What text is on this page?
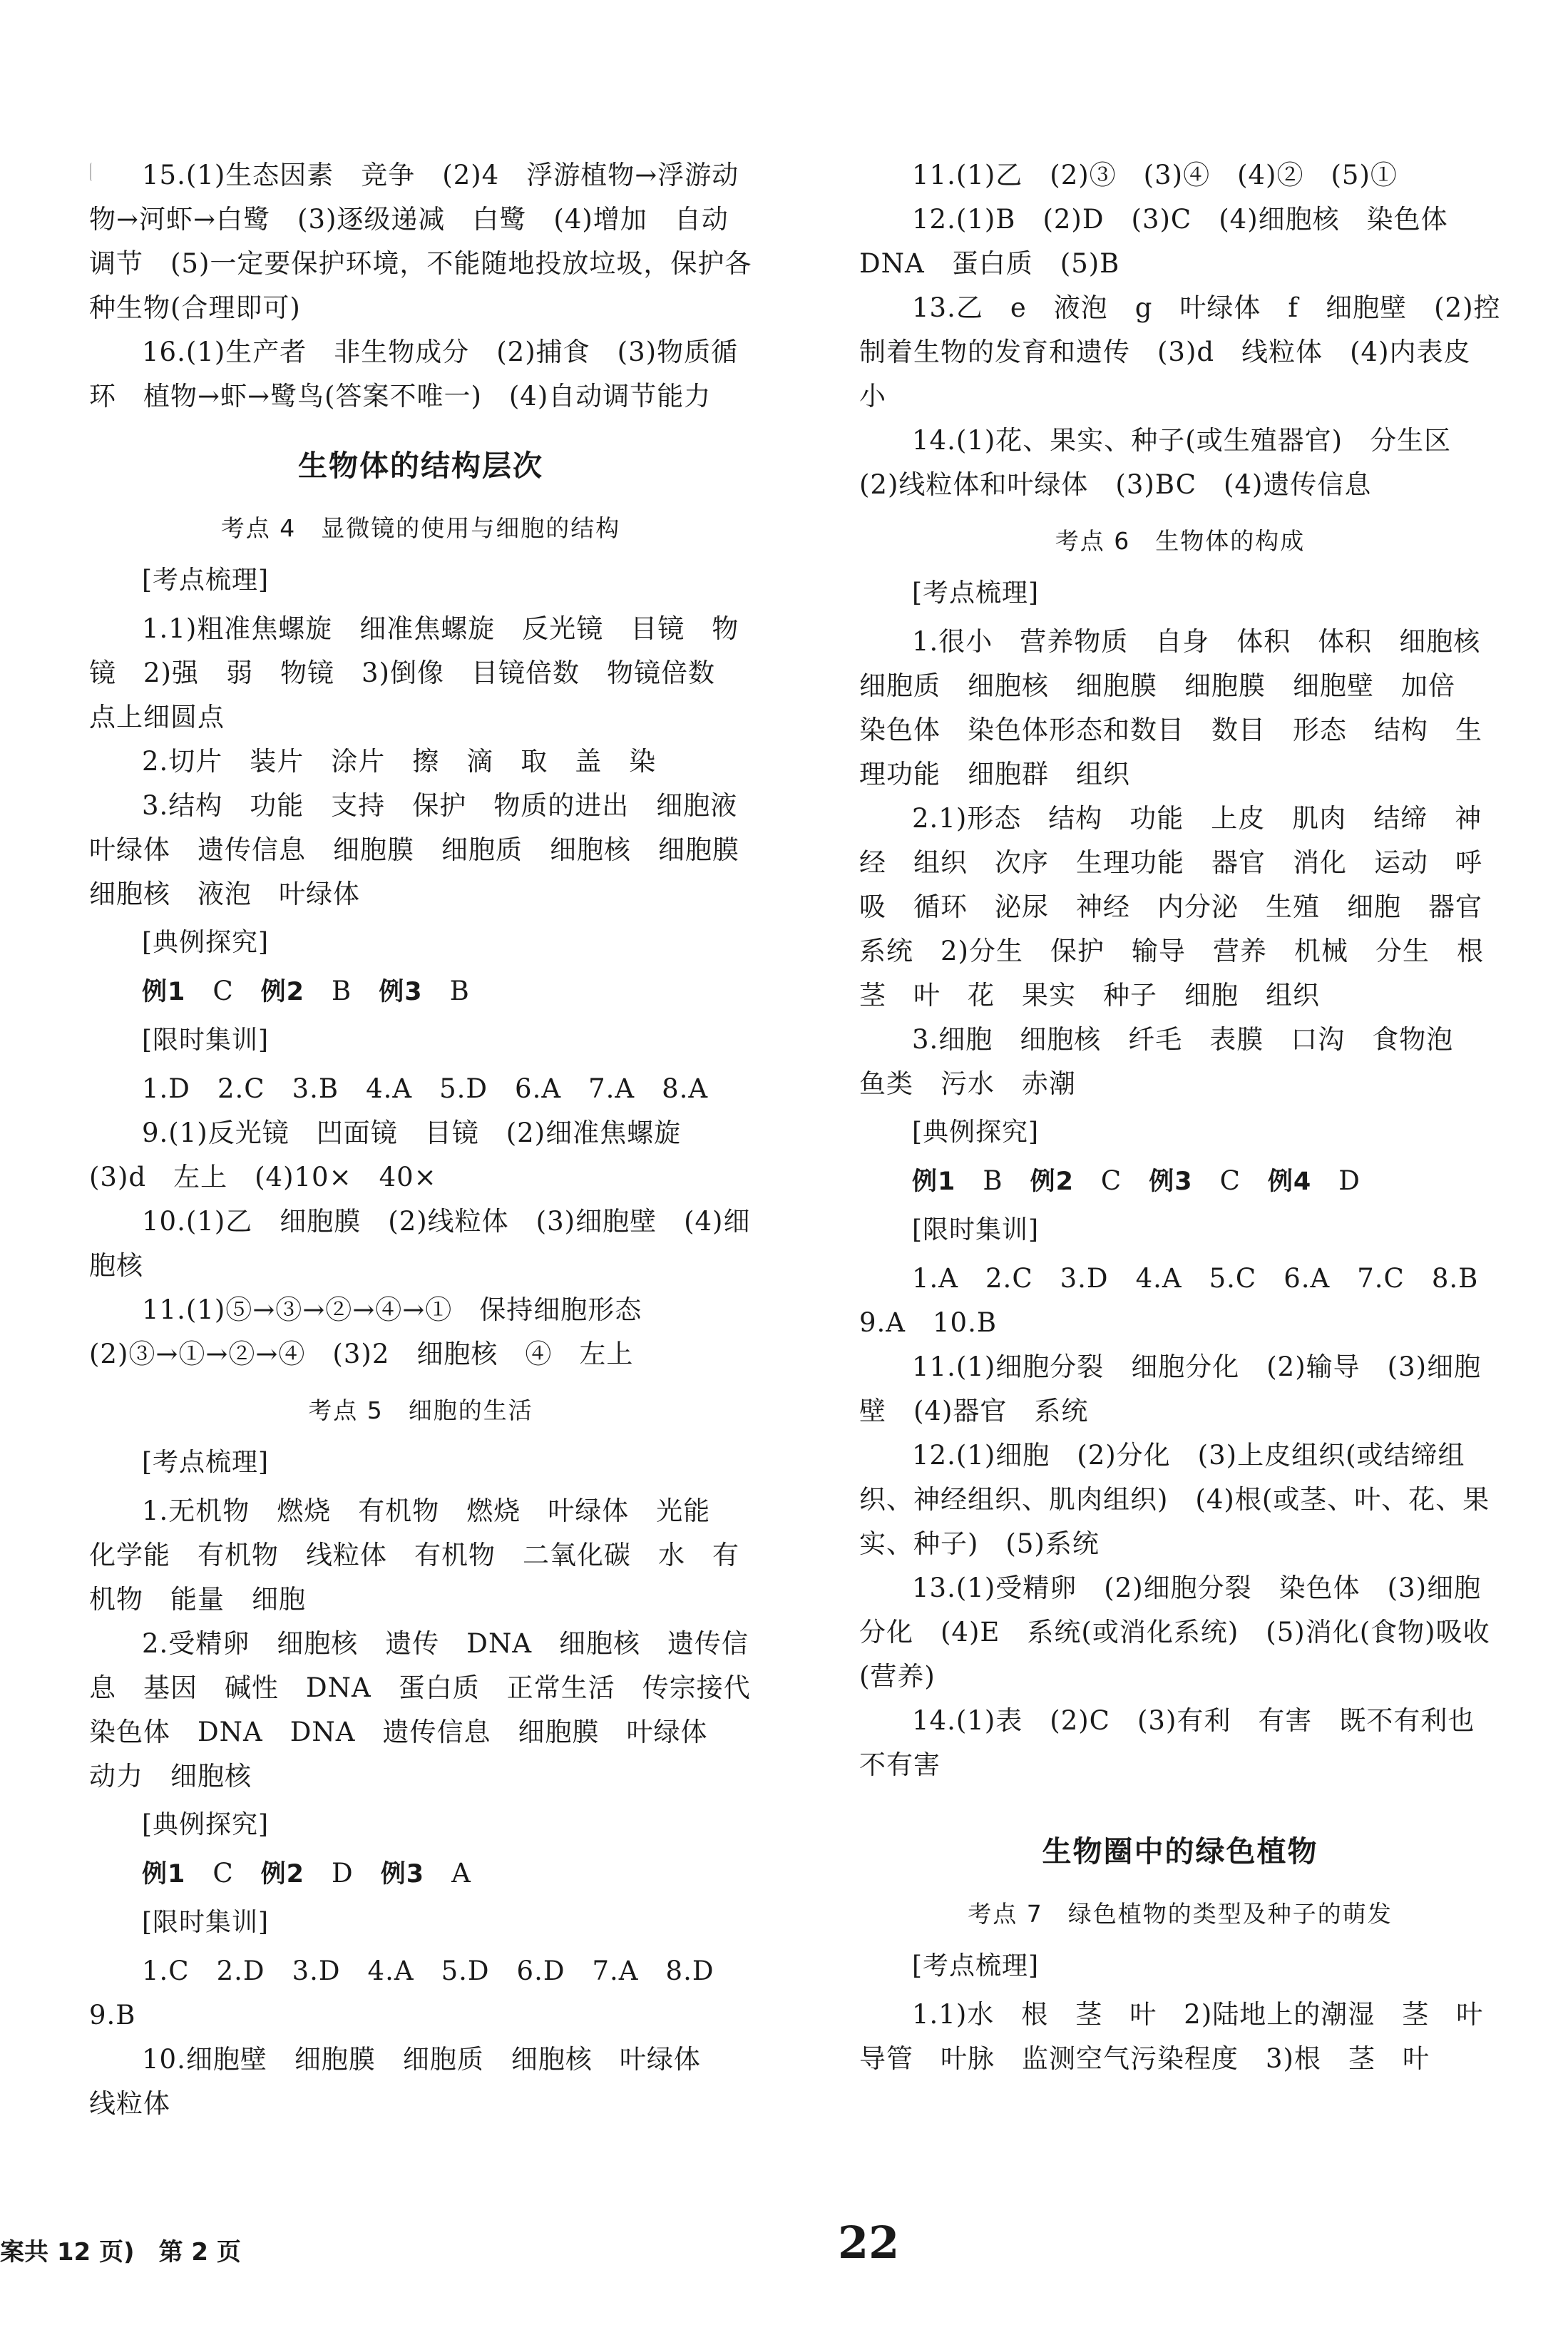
15.(1)生态因素　竞争　(2)4　浮游植物→浮游动物→河虾→白鹭　(3)逐级递减　白鹭　(4)增加　自动调节　(5)一定要保护环境，不能随地投放垃圾，保护各种生物(合理即可)

16.(1)生产者　非生物成分　(2)捕食　(3)物质循环　植物→虾→鹭鸟(答案不唯一)　(4)自动调节能力

生物体的结构层次
考点 4　显微镜的使用与细胞的结构
[考点梳理]

1.1)粗准焦螺旋　细准焦螺旋　反光镜　目镜　物镜　2)强　弱　物镜　3)倒像　目镜倍数　物镜倍数　点上细圆点

2.切片　装片　涂片　擦　滴　取　盖　染

3.结构　功能　支持　保护　物质的进出　细胞液　叶绿体　遗传信息　细胞膜　细胞质　细胞核　细胞膜　细胞核　液泡　叶绿体

[典例探究]
例1　 C　 例2　 B　 例3　 B
[限时集训]

1.D　2.C　3.B　4.A　5.D　6.A　7.A　8.A

9.(1)反光镜　凹面镜　目镜　(2)细准焦螺旋　(3)d　左上　(4)10×　40×

10.(1)乙　细胞膜　(2)线粒体　(3)细胞壁　(4)细胞核

11.(1)⑤→③→②→④→①　保持细胞形态　(2)③→①→②→④　(3)2　细胞核　④　左上

考点 5　细胞的生活
[考点梳理]

1.无机物　燃烧　有机物　燃烧　叶绿体　光能　化学能　有机物　线粒体　有机物　二氧化碳　水　有机物　能量　细胞

2.受精卵　细胞核　遗传　DNA　细胞核　遗传信息　基因　碱性　DNA　蛋白质　正常生活　传宗接代　染色体　DNA　DNA　遗传信息　细胞膜　叶绿体　动力　细胞核

[典例探究]
例1　 C　 例2　 D　 例3　 A
[限时集训]

1.C　2.D　3.D　4.A　5.D　6.D　7.A　8.D　9.B

10.细胞壁　细胞膜　细胞质　细胞核　叶绿体　线粒体

11.(1)乙　(2)③　(3)④　(4)②　(5)①

12.(1)B　(2)D　(3)C　(4)细胞核　染色体　DNA　蛋白质　(5)B

13.乙　e　液泡　g　叶绿体　f　细胞壁　(2)控制着生物的发育和遗传　(3)d　线粒体　(4)内表皮　小

14.(1)花、果实、种子(或生殖器官)　分生区　(2)线粒体和叶绿体　(3)BC　(4)遗传信息

考点 6　生物体的构成
[考点梳理]

1.很小　营养物质　自身　体积　体积　细胞核　细胞质　细胞核　细胞膜　细胞膜　细胞壁　加倍　染色体　染色体形态和数目　数目　形态　结构　生理功能　细胞群　组织

2.1)形态　结构　功能　上皮　肌肉　结缔　神经　组织　次序　生理功能　器官　消化　运动　呼吸　循环　泌尿　神经　内分泌　生殖　细胞　器官　系统　2)分生　保护　输导　营养　机械　分生　根　茎　叶　花　果实　种子　细胞　组织

3.细胞　细胞核　纤毛　表膜　口沟　食物泡　鱼类　污水　赤潮

[典例探究]
例1　 B　 例2　 C　 例3　 C　 例4　 D
[限时集训]

1.A　2.C　3.D　4.A　5.C　6.A　7.C　8.B　9.A　10.B

11.(1)细胞分裂　细胞分化　(2)输导　(3)细胞壁　(4)器官　系统

12.(1)细胞　(2)分化　(3)上皮组织(或结缔组织、神经组织、肌肉组织)　(4)根(或茎、叶、花、果实、种子)　(5)系统

13.(1)受精卵　(2)细胞分裂　染色体　(3)细胞分化　(4)E　系统(或消化系统)　(5)消化(食物)吸收(营养)

14.(1)表　(2)C　(3)有利　有害　既不有利也不有害

生物圈中的绿色植物
考点 7　绿色植物的类型及种子的萌发
[考点梳理]

1.1)水　根　茎　叶　2)陆地上的潮湿　茎　叶　导管　叶脉　监测空气污染程度　3)根　茎　叶

案共 12 页)　第 2 页	22
